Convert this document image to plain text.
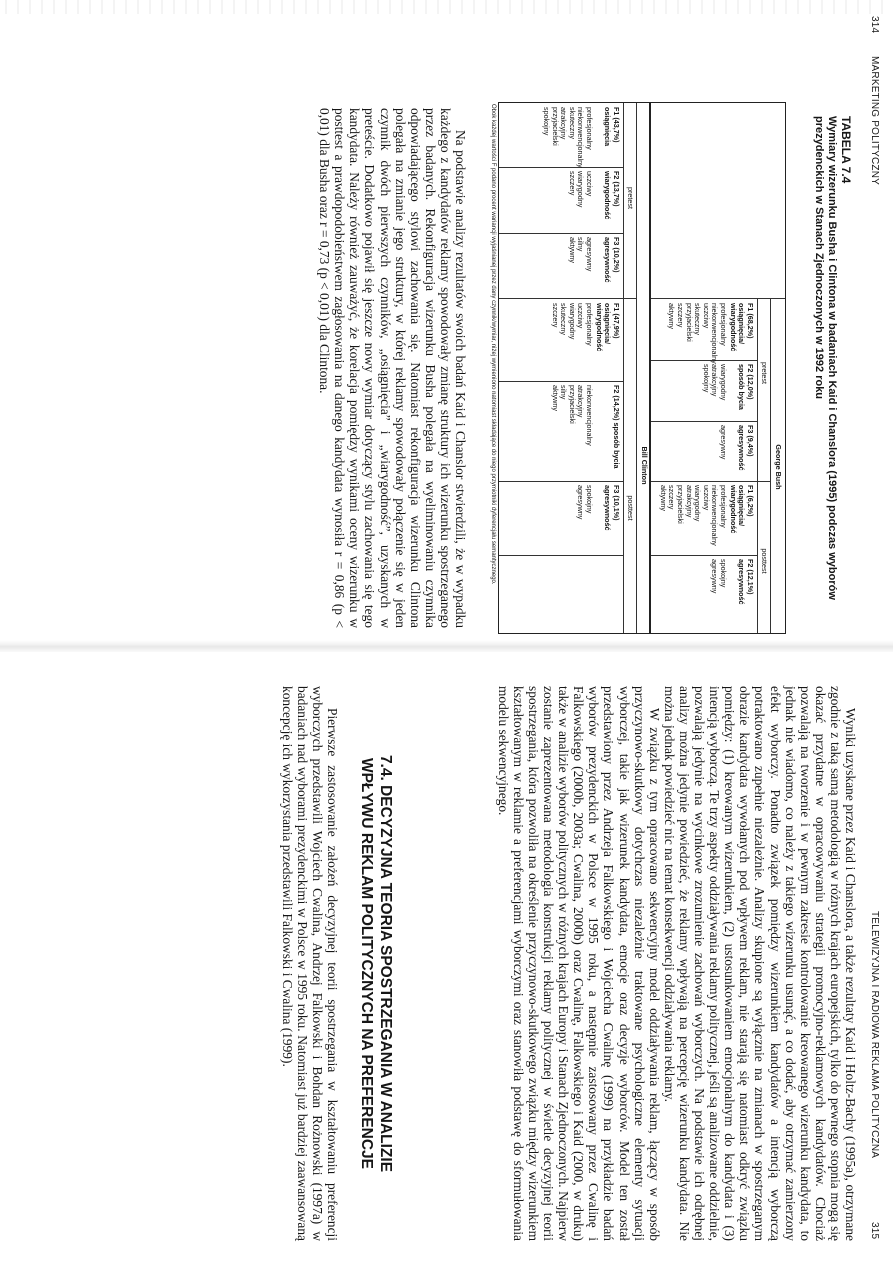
314
MARKETING POLITYCZNY
TABELA 7.4
Wymiary wizerunku Busha i Clintona w badaniach Kaid i Chanslora (1995) podczas wyborów prezydenckich w Stanach Zjednoczonych w 1992 roku
George Bush
pretest
posttest
F1 (68,2%) osiągnięcia/ wiarygodność
profesjonalny
niekonwencjonalny
uczciwy
skuteczny
przyjacielski
szczery
aktywny
F2 (12,0%) sposób bycia
wiarygodny
atrakcyjny
spokojny
F3 (9,4%) agresywność
agresywny
F1 (6,2%) osiągnięcia/ wiarygodność
profesjonalny
niekonwencjonalny
uczciwy
wiarygodny
atrakcyjny
przyjacielski
szczery
aktywny
F2 (12,1%) agresywność
spokojny
agresywny
Bill Clinton
pretest
posttest
F1 (43,7%) osiągnięcia
profesjonalny
niekonwencjonalny
skuteczny
atrakcyjny
przyjacielski
spokojny
F2 (13,7%) wiarygodność
uczciwy
wiarygodny
szczery
F3 (10,2%) agresywność
agresywny
silny
aktywny
F1 (47,9%) osiągnięcia/ wiarygodność
profesjonalny
uczciwy
wiarygodny
skuteczny
szczery
F2 (14,2%) sposób bycia
niekonwencjonalny
atrakcyjny
przyjacielski
silny
aktywny
F3 (10,1%) agresywność
spokojny
agresywny
Obok każdej wartości F podano procent wariancji wyjaśnianej przez dany czynnik/wymiar, niżej wymieniono natomiast składające do niego przymiotniki dyferencjału semantycznego.

Na podstawie analizy rezultatów swoich badań Kaid i Chanslor stwierdzili, że w wypadku każdego z kandydatów reklamy spowodowały zmianę struktury ich wizerunku spostrzeganego przez badanych. Rekonfiguracja wizerunku Busha polegała na wyeliminowaniu czynnika odpowiadającego stylowi zachowania się. Natomiast rekonfiguracja wizerunku Clintona polegała na zmianie jego struktury, w której reklamy spowodowały połączenie się w jeden czynnik dwóch pierwszych czynników, „osiągnięcia” i „wiarygodność”, uzyskanych w preteście. Dodatkowo pojawił się jeszcze nowy wymiar dotyczący stylu zachowania się tego kandydata. Należy również zauważyć, że korelacja pomiędzy wynikami oceny wizerunku w posttest a prawdopodobieństwem zagłosowania na danego kandydata wynosiła r = 0,86 (p < 0,01) dla Busha oraz r = 0,73 (p < 0,01) dla Clintona.

TELEWIZYJNA I RADIOWA REKLAMA POLITYCZNA
315

Wyniki uzyskane przez Kaid i Chanslora, a także rezultaty Kaid i Holtz-Bachy (1995a), otrzymane zgodnie z taką samą metodologią w różnych krajach europejskich, tylko do pewnego stopnia mogą się okazać przydatne w opracowywaniu strategii promocyjno-reklamowych kandydatów. Chociaż pozwalają na tworzenie i w pewnym zakresie kontrolowanie kreowanego wizerunku kandydata, to jednak nie wiadomo, co należy z takiego wizerunku usunąć, a co dodać, aby otrzymać zamierzony efekt wyborczy. Ponadto związek pomiędzy wizerunkiem kandydatów a intencją wyborczą potraktowano zupełnie niezależnie. Analizy skupione są wyłącznie na zmianach w spostrzeganym obrazie kandydata wywołanych pod wpływem reklam, nie starają się natomiast odkryć związku pomiędzy: (1) kreowanym wizerunkiem, (2) ustosunkowaniem emocjonalnym do kandydata i (3) intencją wyborczą. Te trzy aspekty oddziaływania reklamy politycznej, jeśli są analizowane oddzielnie, pozwalają jedynie na wycinkowe zrozumienie zachowań wyborczych. Na podstawie ich odrębnej analizy można jedynie powiedzieć, że reklamy wpływają na percepcję wizerunku kandydata. Nie można jednak powiedzieć nic na temat konsekwencji oddziaływania reklamy.

W związku z tym opracowano sekwencyjny model oddziaływania reklam, łączący w sposób przyczynowo-skutkowy dotychczas niezależnie traktowane psychologiczne elementy sytuacji wyborczej, takie jak wizerunek kandydata, emocje oraz decyzje wyborców. Model ten został przedstawiony przez Andrzeja Falkowskiego i Wojciecha Cwalinę (1999) na przykładzie badań wyborów prezydenckich w Polsce w 1995 roku, a następnie zastosowany przez Cwalinę i Falkowskiego (2000b, 2003a; Cwalina, 2000b) oraz Cwalinę, Falkowskiego i Kaid (2000, w druku) także w analizie wyborów politycznych w różnych krajach Europy i Stanach Zjednoczonych. Najpierw zostanie zaprezentowana metodologia konstrukcji reklamy politycznej w świetle decyzyjnej teorii spostrzegania, która pozwoliła na określenie przyczynowo-skutkowego związku między wizerunkiem kształtowanym w reklamie a preferencjami wyborczymi oraz stanowiła podstawę do sformułowania modelu sekwencyjnego.

7.4. DECYZYJNA TEORIA SPOSTRZEGANIA W ANALIZIE
WPŁYWU REKLAM POLITYCZNYCH NA PREFERENCJE

Pierwsze zastosowanie założeń decyzyjnej teorii spostrzegania w kształtowaniu preferencji wyborczych przedstawili Wojciech Cwalina, Andrzej Falkowski i Bohdan Rożnowski (1997a) w badaniach nad wyborami prezydenckimi w Polsce w 1995 roku. Natomiast już bardziej zaawansowaną koncepcję ich wykorzystania przedstawili Falkowski i Cwalina (1999).
